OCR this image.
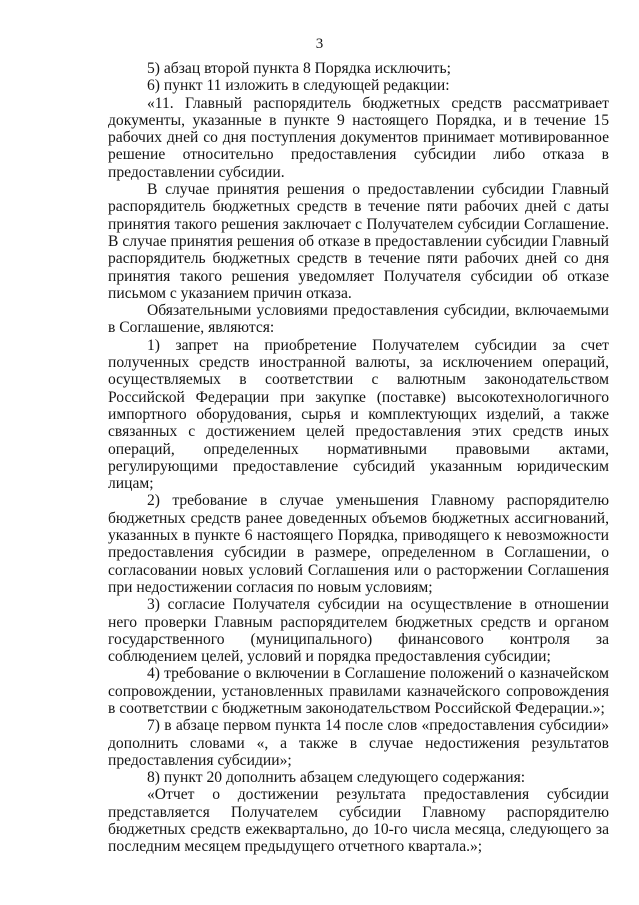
3

5) абзац второй пункта 8 Порядка исключить;

6) пункт 11 изложить в следующей редакции:

«11. Главный распорядитель бюджетных средств рассматривает документы, указанные в пункте 9 настоящего Порядка, и в течение 15 рабочих дней со дня поступления документов принимает мотивированное решение относительно предоставления субсидии либо отказа в предоставлении субсидии.

В случае принятия решения о предоставлении субсидии Главный распорядитель бюджетных средств в течение пяти рабочих дней с даты принятия такого решения заключает с Получателем субсидии Соглашение. В случае принятия решения об отказе в предоставлении субсидии Главный распорядитель бюджетных средств в течение пяти рабочих дней со дня принятия такого решения уведомляет Получателя субсидии об отказе письмом с указанием причин отказа.

Обязательными условиями предоставления субсидии, включаемыми в Соглашение, являются:

1) запрет на приобретение Получателем субсидии за счет полученных средств иностранной валюты, за исключением операций, осуществляемых в соответствии с валютным законодательством Российской Федерации при закупке (поставке) высокотехнологичного импортного оборудования, сырья и комплектующих изделий, а также связанных с достижением целей предоставления этих средств иных операций, определенных нормативными правовыми актами, регулирующими предоставление субсидий указанным юридическим лицам;

2) требование в случае уменьшения Главному распорядителю бюджетных средств ранее доведенных объемов бюджетных ассигнований, указанных в пункте 6 настоящего Порядка, приводящего к невозможности предоставления субсидии в размере, определенном в Соглашении, о согласовании новых условий Соглашения или о расторжении Соглашения при недостижении согласия по новым условиям;

3) согласие Получателя субсидии на осуществление в отношении него проверки Главным распорядителем бюджетных средств и органом государственного (муниципального) финансового контроля за соблюдением целей, условий и порядка предоставления субсидии;

4) требование о включении в Соглашение положений о казначейском сопровождении, установленных правилами казначейского сопровождения в соответствии с бюджетным законодательством Российской Федерации.»;

7) в абзаце первом пункта 14 после слов «предоставления субсидии» дополнить словами «, а также в случае недостижения результатов предоставления субсидии»;

8) пункт 20 дополнить абзацем следующего содержания:

«Отчет о достижении результата предоставления субсидии представляется Получателем субсидии Главному распорядителю бюджетных средств ежеквартально, до 10-го числа месяца, следующего за последним месяцем предыдущего отчетного квартала.»;
